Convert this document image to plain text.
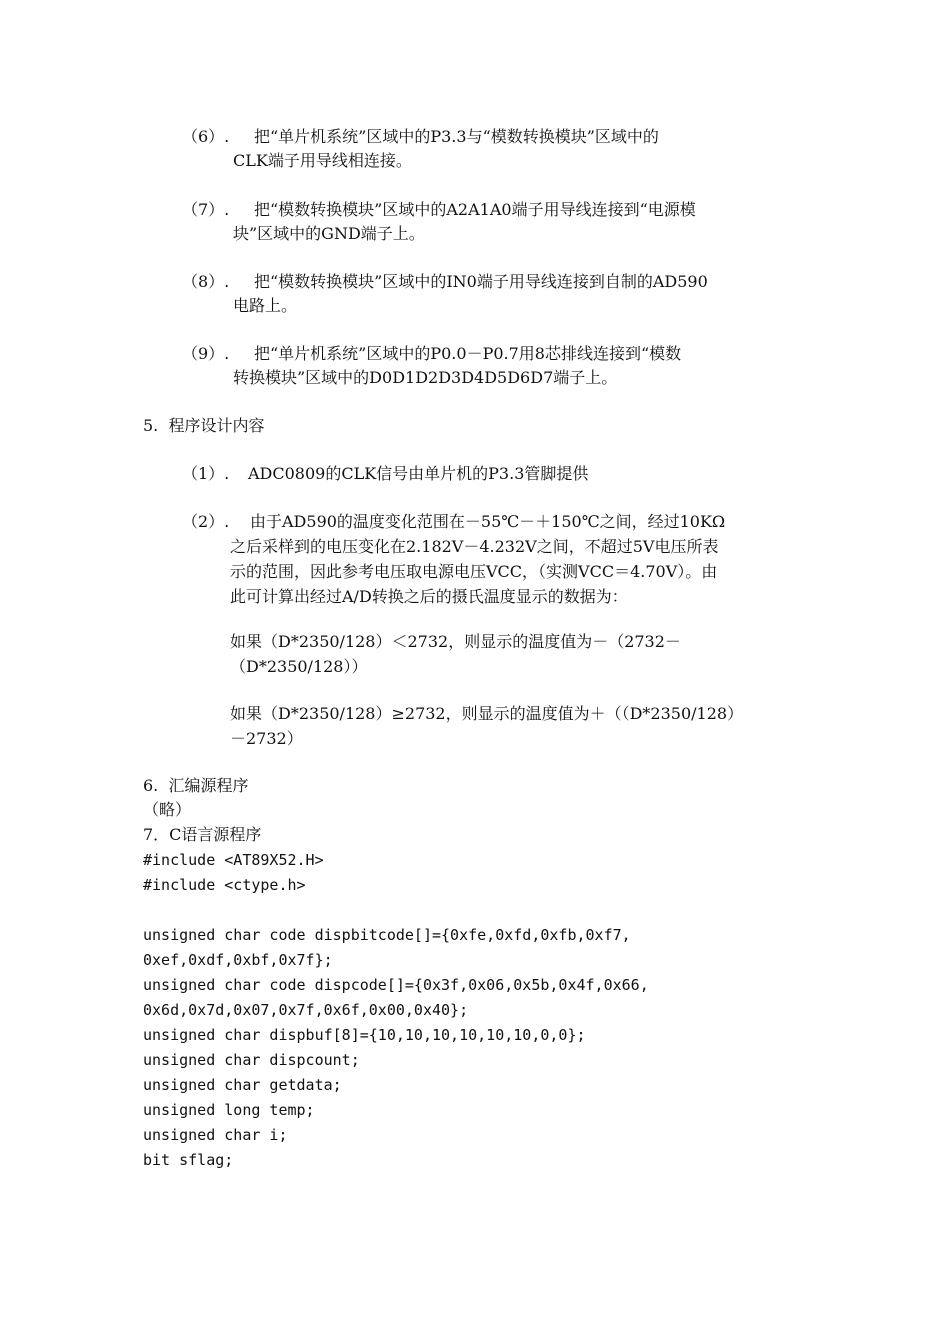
（6）. 把“单片机系统”区域中的P3.3与“模数转换模块”区域中的
CLK端子用导线相连接。
（7）. 把“模数转换模块”区域中的A2A1A0端子用导线连接到“电源模
块”区域中的GND端子上。
（8）. 把“模数转换模块”区域中的IN0端子用导线连接到自制的AD590
电路上。
（9）. 把“单片机系统”区域中的P0.0－P0.7用8芯排线连接到“模数
转换模块”区域中的D0D1D2D3D4D5D6D7端子上。
5.  程序设计内容
（1）. ADC0809的CLK信号由单片机的P3.3管脚提供
（2）. 由于AD590的温度变化范围在－55℃－＋150℃之间，经过10KΩ
之后采样到的电压变化在2.182V－4.232V之间，不超过5V电压所表
示的范围，因此参考电压取电源电压VCC，（实测VCC＝4.70V）。由
此可计算出经过A/D转换之后的摄氏温度显示的数据为：
如果（D*2350/128）＜2732，则显示的温度值为－（2732－
（D*2350/128））
如果（D*2350/128）≥2732，则显示的温度值为＋（（D*2350/128）
－2732）
6.  汇编源程序
（略）
7．C语言源程序
#include <AT89X52.H>
#include <ctype.h>
unsigned char code dispbitcode[]={0xfe,0xfd,0xfb,0xf7,
0xef,0xdf,0xbf,0x7f};
unsigned char code dispcode[]={0x3f,0x06,0x5b,0x4f,0x66,
0x6d,0x7d,0x07,0x7f,0x6f,0x00,0x40};
unsigned char dispbuf[8]={10,10,10,10,10,10,0,0};
unsigned char dispcount;
unsigned char getdata;
unsigned long temp;
unsigned char i;
bit sflag;
